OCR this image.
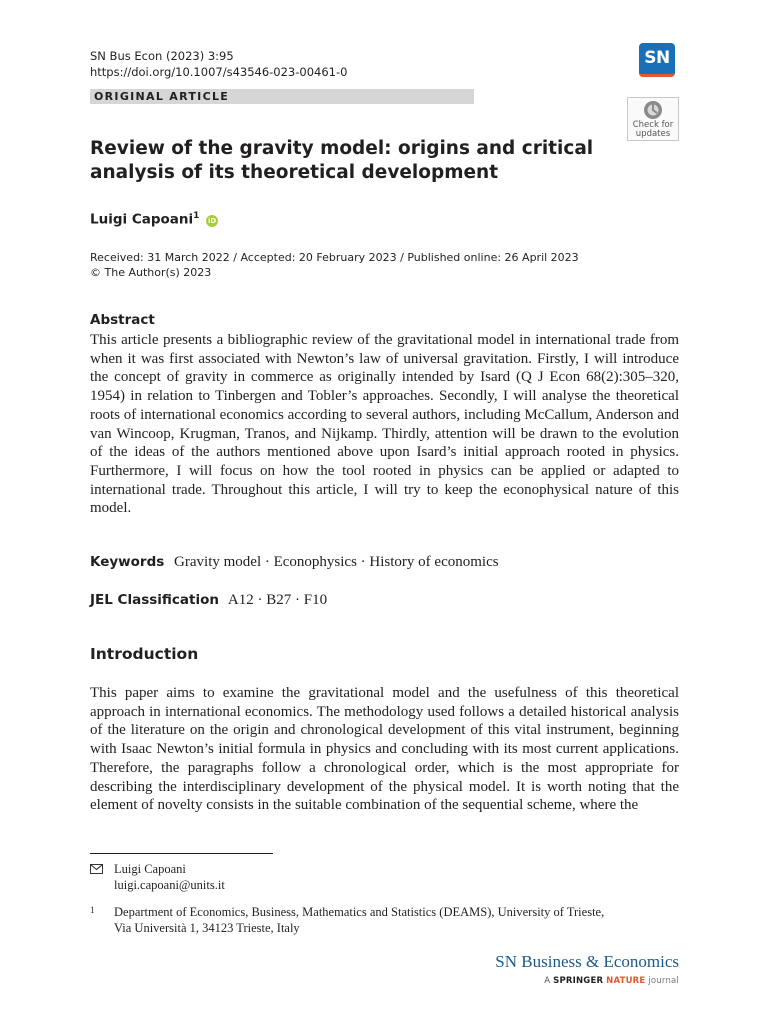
SN Bus Econ (2023) 3:95
https://doi.org/10.1007/s43546-023-00461-0
SN
ORIGINAL ARTICLE
Check for
updates
Review of the gravity model: origins and critical analysis of its theoretical development
Luigi Capoani$^1$ iD
Received: 31 March 2022 / Accepted: 20 February 2023 / Published online: 26 April 2023
© The Author(s) 2023
Abstract
This article presents a bibliographic review of the gravitational model in international trade from when it was first associated with Newton’s law of universal gravitation. Firstly, I will introduce the concept of gravity in commerce as originally intended by Isard (Q J Econ 68(2):305–320, 1954) in relation to Tinbergen and Tobler’s approaches. Secondly, I will analyse the theoretical roots of international economics according to several authors, including McCallum, Anderson and van Wincoop, Krugman, Tranos, and Nijkamp. Thirdly, attention will be drawn to the evolution of the ideas of the authors mentioned above upon Isard’s initial approach rooted in physics. Furthermore, I will focus on how the tool rooted in physics can be applied or adapted to international trade. Throughout this article, I will try to keep the econophysical nature of this model.
Keywords Gravity model · Econophysics · History of economics
JEL Classification A12 · B27 · F10
Introduction
This paper aims to examine the gravitational model and the usefulness of this theoretical approach in international economics. The methodology used follows a detailed historical analysis of the literature on the origin and chronological development of this vital instrument, beginning with Isaac Newton’s initial formula in physics and concluding with its most current applications. Therefore, the paragraphs follow a chronological order, which is the most appropriate for describing the interdisciplinary development of the physical model. It is worth noting that the element of novelty consists in the suitable combination of the sequential scheme, where the
Luigi Capoani
luigi.capoani@units.it
1 Department of Economics, Business, Mathematics and Statistics (DEAMS), University of Trieste, Via Università 1, 34123 Trieste, Italy
SN Business & Economics
A SPRINGER NATURE journal
